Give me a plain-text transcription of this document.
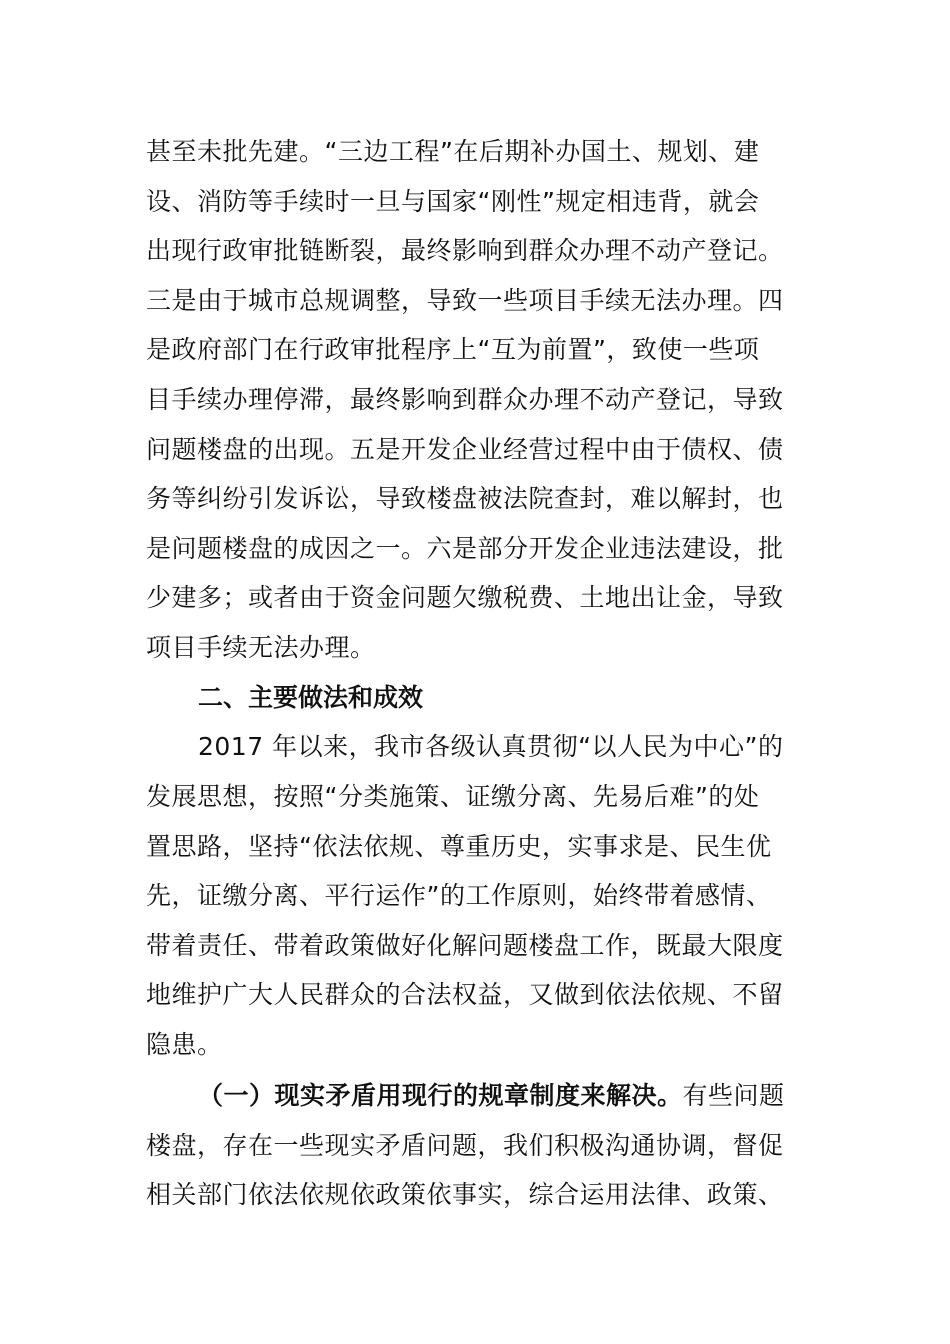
甚至未批先建。“三边工程”在后期补办国土、规划、建
设、消防等手续时一旦与国家“刚性”规定相违背，就会
出现行政审批链断裂，最终影响到群众办理不动产登记。
三是由于城市总规调整，导致一些项目手续无法办理。四
是政府部门在行政审批程序上“互为前置”，致使一些项
目手续办理停滞，最终影响到群众办理不动产登记，导致
问题楼盘的出现。五是开发企业经营过程中由于债权、债
务等纠纷引发诉讼，导致楼盘被法院查封，难以解封，也
是问题楼盘的成因之一。六是部分开发企业违法建设，批
少建多；或者由于资金问题欠缴税费、土地出让金，导致
项目手续无法办理。
二、主要做法和成效
2017 年以来，我市各级认真贯彻“以人民为中心”的
发展思想，按照“分类施策、证缴分离、先易后难”的处
置思路，坚持“依法依规、尊重历史，实事求是、民生优
先，证缴分离、平行运作”的工作原则，始终带着感情、
带着责任、带着政策做好化解问题楼盘工作，既最大限度
地维护广大人民群众的合法权益，又做到依法依规、不留
隐患。
（一）现实矛盾用现行的规章制度来解决。有些问题
楼盘，存在一些现实矛盾问题，我们积极沟通协调，督促
相关部门依法依规依政策依事实，综合运用法律、政策、
